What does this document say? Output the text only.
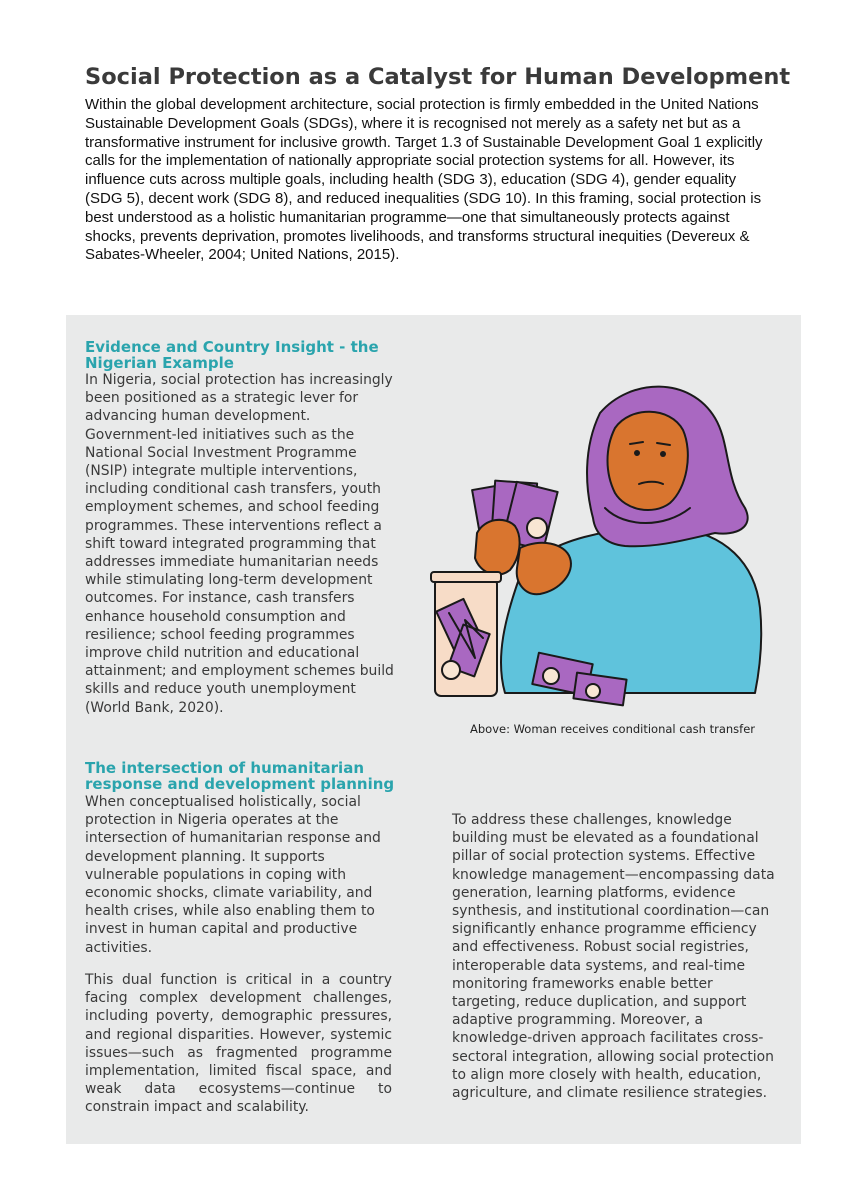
Social Protection as a Catalyst for Human Development

Within the global development architecture, social protection is firmly embedded in the United Nations Sustainable Development Goals (SDGs), where it is recognised not merely as a safety net but as a transformative instrument for inclusive growth. Target 1.3 of Sustainable Development Goal 1 explicitly calls for the implementation of nationally appropriate social protection systems for all. However, its influence cuts across multiple goals, including health (SDG 3), education (SDG 4), gender equality (SDG 5), decent work (SDG 8), and reduced inequalities (SDG 10). In this framing, social protection is best understood as a holistic humanitarian programme—one that simultaneously protects against shocks, prevents deprivation, promotes livelihoods, and transforms structural inequities (Devereux & Sabates-Wheeler, 2004; United Nations, 2015).

Evidence and Country Insight - the Nigerian Example

In Nigeria, social protection has increasingly been positioned as a strategic lever for advancing human development. Government-led initiatives such as the National Social Investment Programme (NSIP) integrate multiple interventions, including conditional cash transfers, youth employment schemes, and school feeding programmes. These interventions reflect a shift toward integrated programming that addresses immediate humanitarian needs while stimulating long-term development outcomes. For instance, cash transfers enhance household consumption and resilience; school feeding programmes improve child nutrition and educational attainment; and employment schemes build skills and reduce youth unemployment (World Bank, 2020).

Above: Woman receives conditional cash transfer

The intersection of humanitarian response and development planning

When conceptualised holistically, social protection in Nigeria operates at the intersection of humanitarian response and development planning. It supports vulnerable populations in coping with economic shocks, climate variability, and health crises, while also enabling them to invest in human capital and productive activities.

This dual function is critical in a country facing complex development challenges, including poverty, demographic pressures, and regional disparities. However, systemic issues—such as fragmented programme implementation, limited fiscal space, and weak data ecosystems—continue to constrain impact and scalability.

To address these challenges, knowledge building must be elevated as a foundational pillar of social protection systems. Effective knowledge management—encompassing data generation, learning platforms, evidence synthesis, and institutional coordination—can significantly enhance programme efficiency and effectiveness. Robust social registries, interoperable data systems, and real-time monitoring frameworks enable better targeting, reduce duplication, and support adaptive programming. Moreover, a knowledge-driven approach facilitates cross-sectoral integration, allowing social protection to align more closely with health, education, agriculture, and climate resilience strategies.
